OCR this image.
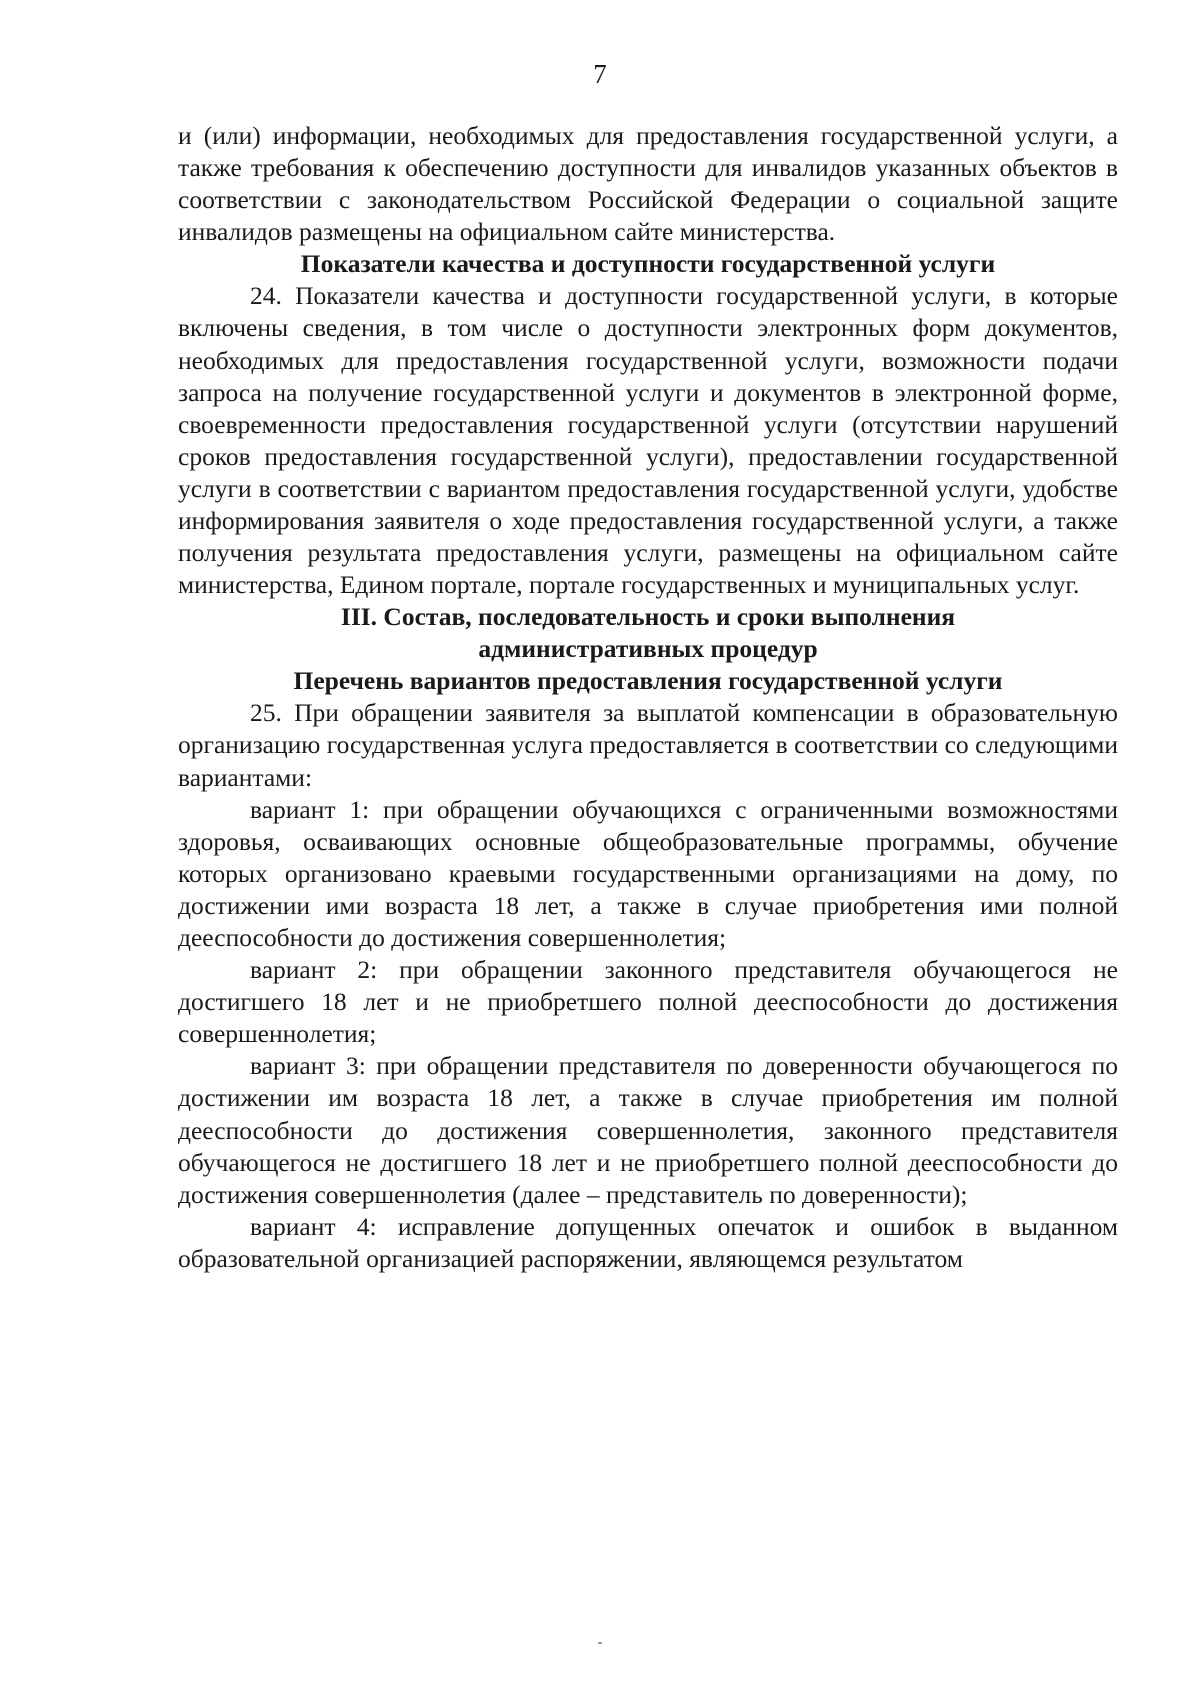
7

и (или) информации, необходимых для предоставления государственной услуги, а также требования к обеспечению доступности для инвалидов указанных объектов в соответствии с законодательством Российской Федерации о социальной защите инвалидов размещены на официальном сайте министерства.

Показатели качества и доступности государственной услуги

24. Показатели качества и доступности государственной услуги, в которые включены сведения, в том числе о доступности электронных форм документов, необходимых для предоставления государственной услуги, возможности подачи запроса на получение государственной услуги и документов в электронной форме, своевременности предоставления государственной услуги (отсутствии нарушений сроков предоставления государственной услуги), предоставлении государственной услуги в соответствии с вариантом предоставления государственной услуги, удобстве информирования заявителя о ходе предоставления государственной услуги, а также получения результата предоставления услуги, размещены на официальном сайте министерства, Едином портале, портале государственных и муниципальных услуг.

III. Состав, последовательность и сроки выполнения
административных процедур
Перечень вариантов предоставления государственной услуги

25. При обращении заявителя за выплатой компенсации в образовательную организацию государственная услуга предоставляется в соответствии со следующими вариантами:

вариант 1: при обращении обучающихся с ограниченными возможностями здоровья, осваивающих основные общеобразовательные программы, обучение которых организовано краевыми государственными организациями на дому, по достижении ими возраста 18 лет, а также в случае приобретения ими полной дееспособности до достижения совершеннолетия;

вариант 2: при обращении законного представителя обучающегося не достигшего 18 лет и не приобретшего полной дееспособности до достижения совершеннолетия;

вариант 3: при обращении представителя по доверенности обучающегося по достижении им возраста 18 лет, а также в случае приобретения им полной дееспособности до достижения совершеннолетия, законного представителя обучающегося не достигшего 18 лет и не приобретшего полной дееспособности до достижения совершеннолетия (далее – представитель по доверенности);

вариант 4: исправление допущенных опечаток и ошибок в выданном образовательной организацией распоряжении, являющемся результатом
